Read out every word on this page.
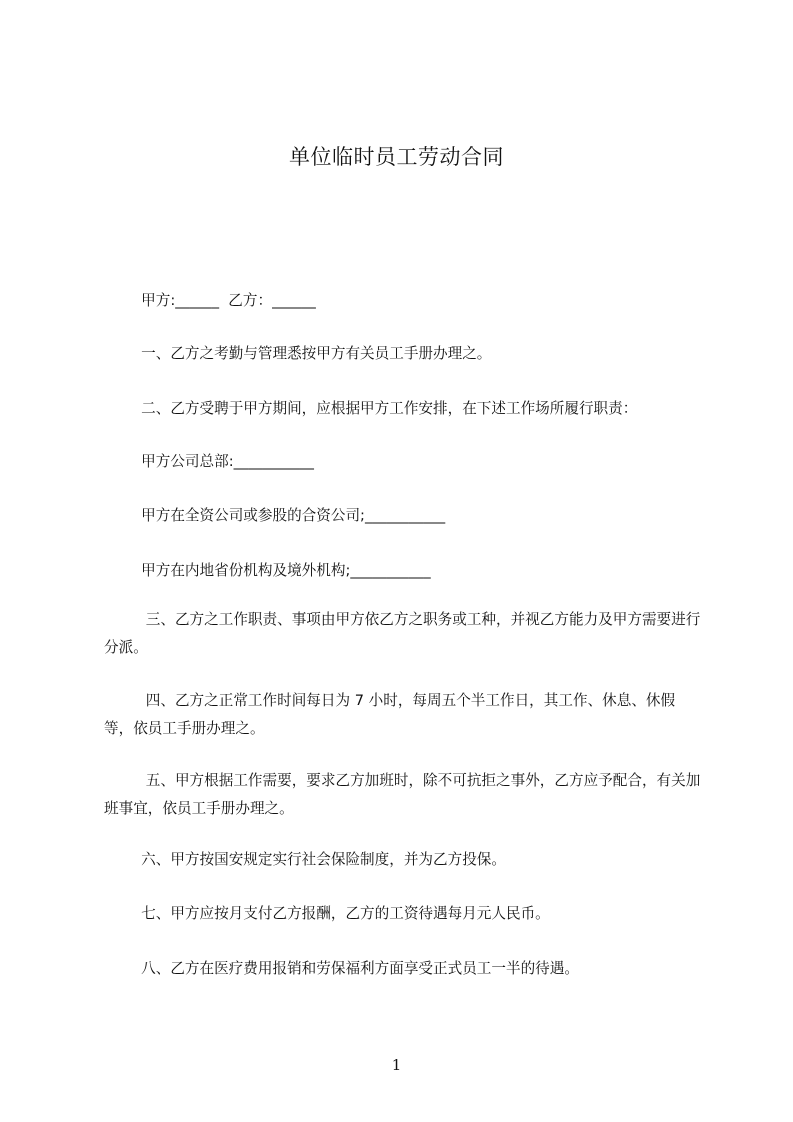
单位临时员工劳动合同
甲方:______  乙方：______
一、乙方之考勤与管理悉按甲方有关员工手册办理之。
二、乙方受聘于甲方期间，应根据甲方工作安排，在下述工作场所履行职责：
甲方公司总部:___________
甲方在全资公司或参股的合资公司;___________
甲方在内地省份机构及境外机构;___________
三、乙方之工作职责、事项由甲方依乙方之职务或工种，并视乙方能力及甲方需要进行分派。
四、乙方之正常工作时间每日为 7 小时，每周五个半工作日，其工作、休息、休假等，依员工手册办理之。
五、甲方根据工作需要，要求乙方加班时，除不可抗拒之事外，乙方应予配合，有关加班事宜，依员工手册办理之。
六、甲方按国安规定实行社会保险制度，并为乙方投保。
七、甲方应按月支付乙方报酬，乙方的工资待遇每月元人民币。
八、乙方在医疗费用报销和劳保福利方面享受正式员工一半的待遇。
1
